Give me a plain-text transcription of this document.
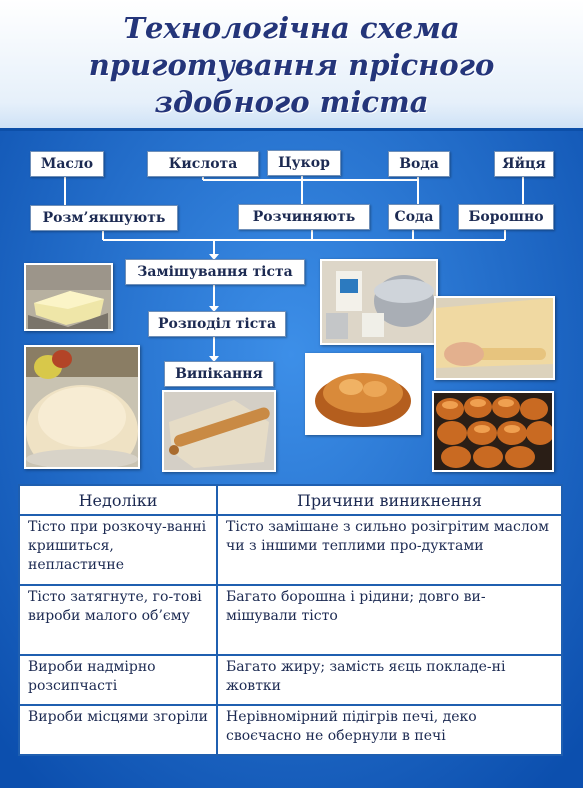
Технологічна схема
приготування прісного
здобного тіста
Масло	Кислота	Цукор	Вода	Яйця
Розм’якшують	Розчиняють	Сода	Борошно
Замішування тіста
Розподіл тіста
Випікання
Недоліки	Причини виникнення
Тісто при розкочу-ванні кришиться, непластичне	Тісто замішане з сильно розігрітим маслом чи з іншими теплими про-дуктами
Тісто затягнуте, го-тові вироби малого об’єму	Багато борошна і рідини; довго ви-мішували тісто
Вироби надмірно розсипчасті	Багато жиру; замість яєць покладе-ні жовтки
Вироби місцями згоріли	Нерівномірний підігрів печі, деко своєчасно не обернули в печі
